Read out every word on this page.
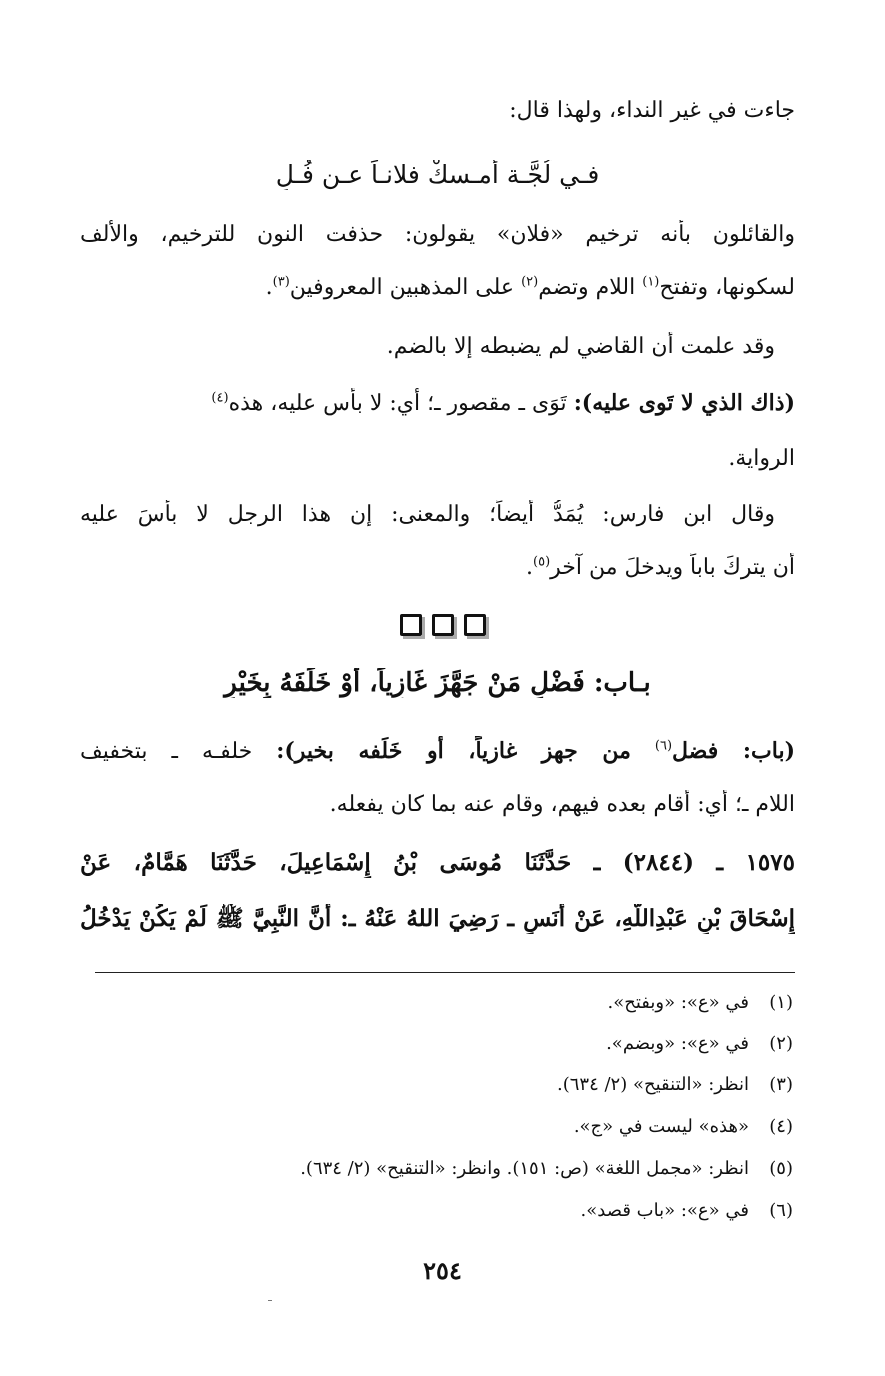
جاءت في غير النداء، ولهذا قال:
فـي لُجَّـة أمـسكْ فلانـاً عـن فُـلِ
والقائلون بأنه ترخيم «فلان» يقولون: حذفت النون للترخيم، والألف
لسكونها، وتفتح$^{(١)}$ اللام وتضم$^{(٢)}$ على المذهبين المعروفين$^{(٣)}$.
وقد علمت أن القاضي لم يضبطه إلا بالضم.
(ذاك الذي لا تَوى عليه): تَوَى ـ مقصور ـ؛ أي: لا بأس عليه، هذه$^{(٤)}$
الرواية.
وقال ابن فارس: يُمَدُّ أيضاً؛ والمعنى: إن هذا الرجل لا بأسَ عليه
أن يتركَ باباً ويدخلَ من آخر$^{(٥)}$.
بـاب: فَضْلِ مَنْ جَهَّزَ غَازِياً، أَوْ خَلَفَهُ بِخَيْرٍ
(باب: فضل$^{(٦)}$ من جهز غازياً، أو خَلَفه بخير): خلفـه ـ بتخفيف
اللام ـ؛ أي: أقام بعده فيهم، وقام عنه بما كان يفعله.
١٥٧٥ ـ (٢٨٤٤) ـ حَدَّثَنَا مُوسَى بْنُ إِسْمَاعِيلَ، حَدَّثَنَا هَمَّامٌ، عَنْ
إِسْحَاقَ بْنِ عَبْدِاللَّهِ، عَنْ أَنَسٍ ـ رَضِيَ اللهُ عَنْهُ ـ: أَنَّ النَّبِيَّ ﷺ لَمْ يَكُنْ يَدْخُلُ
(١)في «ع»: «وبفتح».
(٢)في «ع»: «وبضم».
(٣)انظر: «التنقيح» (٢/ ٦٣٤).
(٤)«هذه» ليست في «ج».
(٥)انظر: «مجمل اللغة» (ص: ١٥١). وانظر: «التنقيح» (٢/ ٦٣٤).
(٦)في «ع»: «باب قصد».
٢٥٤
